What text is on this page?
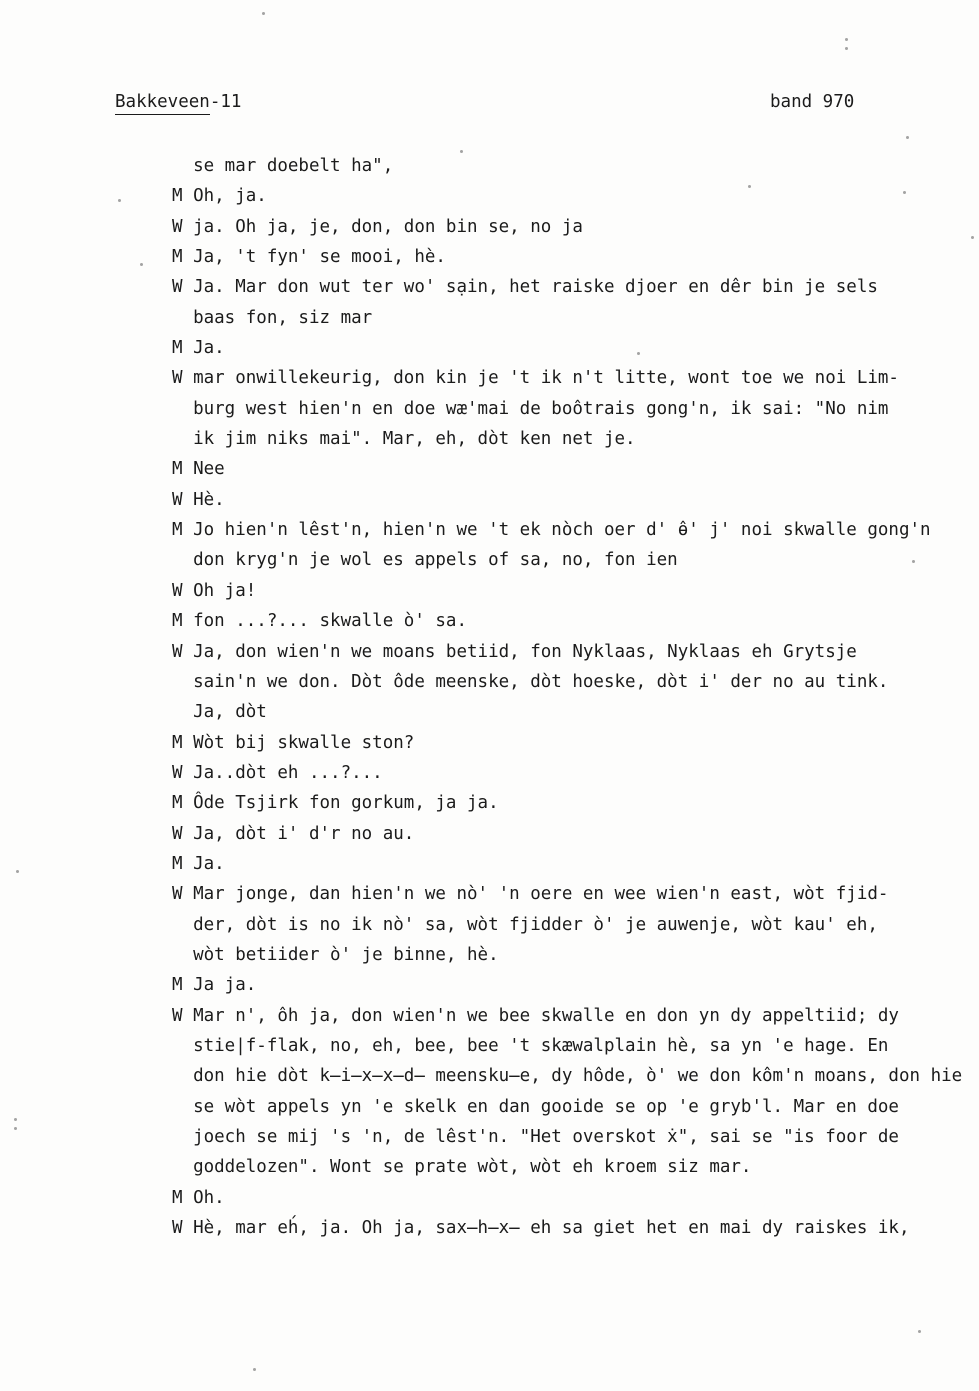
Bakkeveen-11	band 970
se mar doebelt ha",
M Oh, ja.
W ja. Oh ja, je, don, don bin se, no ja
M Ja, 't fyn' se mooi, hè.
W Ja. Mar don wut ter wo' sạin, het raiske djoer en dêr bin je sels
baas fon, siz mar
M Ja.
W mar onwillekeurig, don kin je 't ik n't litte, wont toe we noi Lim-
burg west hien'n en doe wæ'mai de boôtrais gong'n, ik sai: "No nim
ik jim niks mai". Mar, eh, dòt ken net je.
M Nee
W Hè.
M Jo hien'n lêst'n, hien'n we 't ek nòch oer d' ɵ̂' j' noi skwalle gong'n
don kryg'n je wol es appels of sa, no, fon ien
W Oh ja!
M fon ...?... skwalle ò' sa.
W Ja, don wien'n we moans betiid, fon Nyklaas, Nyklaas eh Grytsje
sain'n we don. Dòt ôde meenske, dòt hoeske, dòt i' der no au tink.
Ja, dòt
M Wòt bij skwalle ston?
W Ja..dòt eh ...?...
M Ôde Tsjirk fon gorkum, ja ja.
W Ja, dòt i' d'r no au.
M Ja.
W Mar jonge, dan hien'n we nò' 'n oere en wee wien'n east, wòt fjid-
der, dòt is no ik nò' sa, wòt fjidder ò' je auwenje, wòt kau' eh,
wòt betiider ò' je binne, hè.
M Ja ja.
W Mar n', ôh ja, don wien'n we bee skwalle en don yn dy appeltiid; dy
stie|f-flak, no, eh, bee, bee 't skæwalplain hè, sa yn 'e hage. En
don hie dòt k̶i̶x̶x̶d̶ meensku̶e, dy hôde, ò' we don kôm'n moans, don hie
se wòt appels yn 'e skelk en dan gooide se op 'e gryb'l. Mar en doe
joech se mij 's 'n, de lêst'n. "Het overskot ẋ", sai se "is foor de
goddelozen". Wont se prate wòt, wòt eh kroem siz mar.
M Oh.
W Hè, mar eh́, ja. Oh ja, sax̶h̶x̶ eh sa giet het en mai dy raiskes ik,
